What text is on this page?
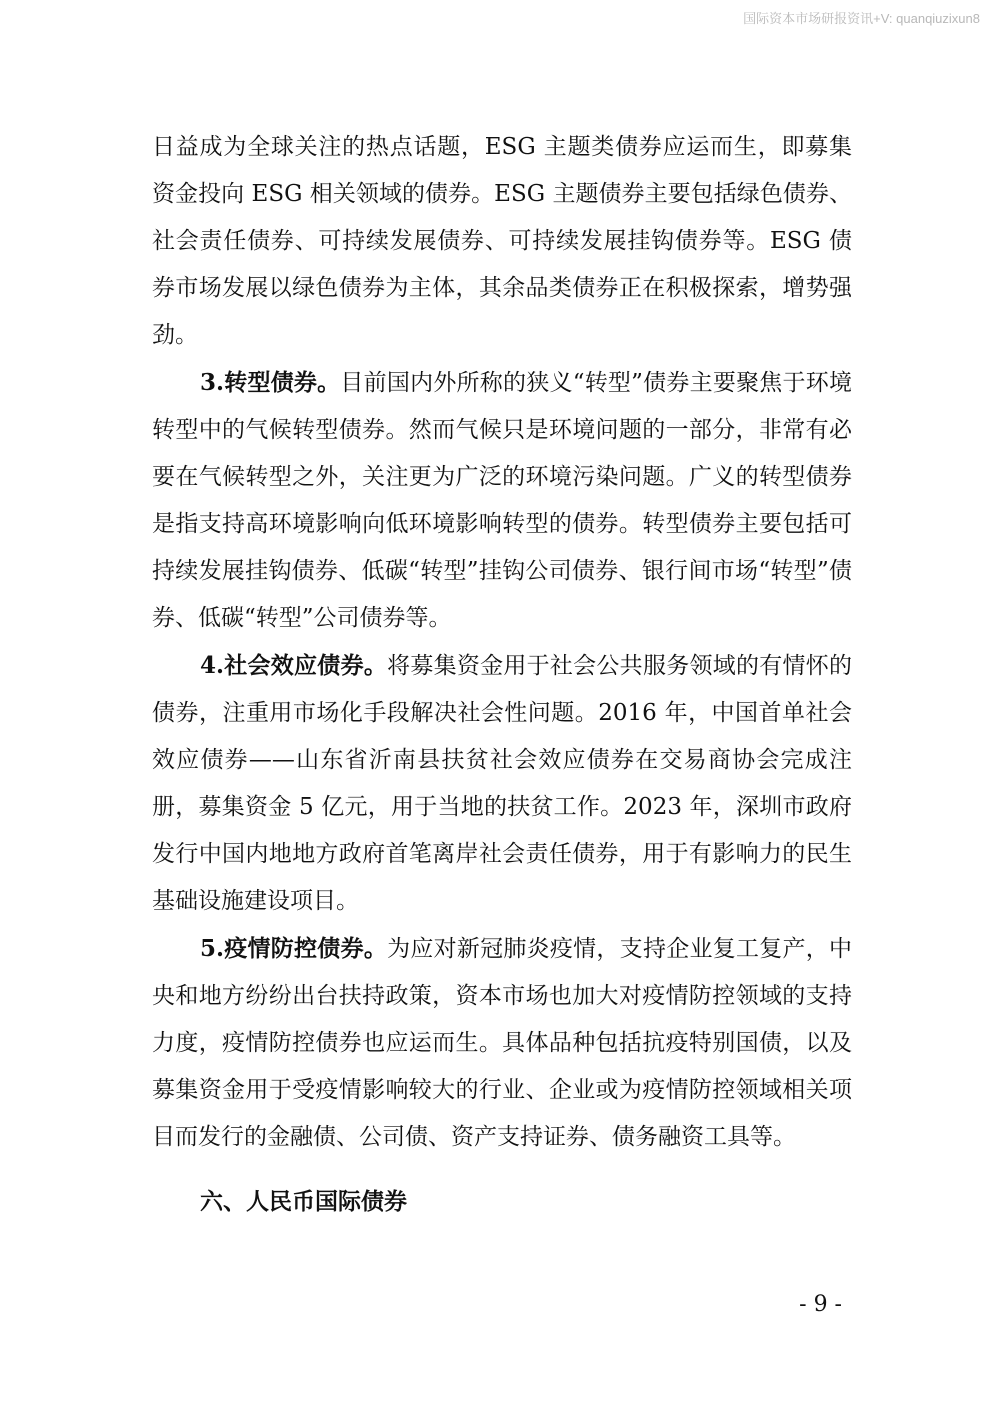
国际资本市场研报资讯+V: quanqiuzixun8

日益成为全球关注的热点话题，ESG 主题类债券应运而生，即募集资金投向 ESG 相关领域的债券。ESG 主题债券主要包括绿色债券、社会责任债券、可持续发展债券、可持续发展挂钩债券等。ESG 债券市场发展以绿色债券为主体，其余品类债券正在积极探索，增势强劲。

3.转型债券。目前国内外所称的狭义“转型”债券主要聚焦于环境转型中的气候转型债券。然而气候只是环境问题的一部分，非常有必要在气候转型之外，关注更为广泛的环境污染问题。广义的转型债券是指支持高环境影响向低环境影响转型的债券。转型债券主要包括可持续发展挂钩债券、低碳“转型”挂钩公司债券、银行间市场“转型”债券、低碳“转型”公司债券等。

4.社会效应债券。将募集资金用于社会公共服务领域的有情怀的债券，注重用市场化手段解决社会性问题。2016 年，中国首单社会效应债券——山东省沂南县扶贫社会效应债券在交易商协会完成注册，募集资金 5 亿元，用于当地的扶贫工作。2023 年，深圳市政府发行中国内地地方政府首笔离岸社会责任债券，用于有影响力的民生基础设施建设项目。

5.疫情防控债券。为应对新冠肺炎疫情，支持企业复工复产，中央和地方纷纷出台扶持政策，资本市场也加大对疫情防控领域的支持力度，疫情防控债券也应运而生。具体品种包括抗疫特别国债，以及募集资金用于受疫情影响较大的行业、企业或为疫情防控领域相关项目而发行的金融债、公司债、资产支持证券、债务融资工具等。

六、人民币国际债券

- 9 -
